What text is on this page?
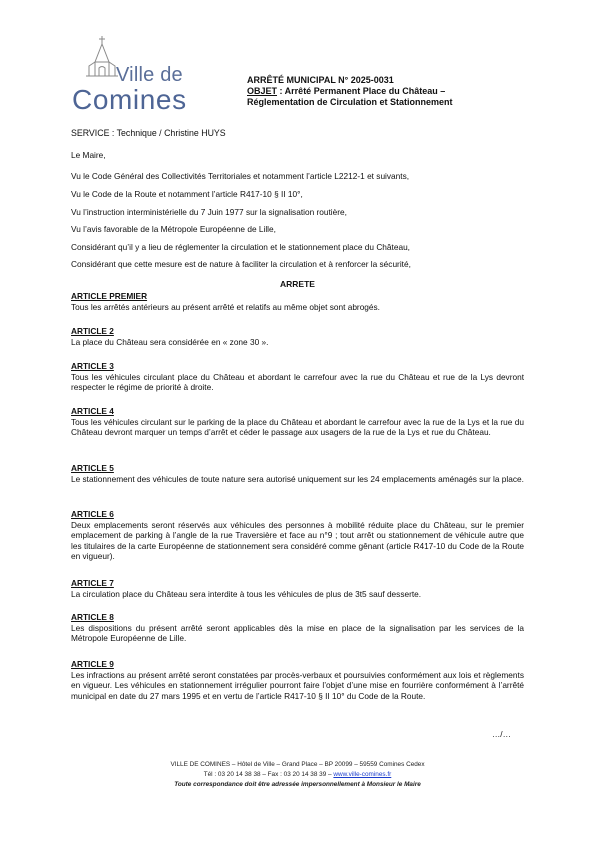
Ville de
Comines
ARRÊTÉ MUNICIPAL N° 2025-0031
OBJET : Arrêté Permanent Place du Château –
Réglementation de Circulation et Stationnement
SERVICE : Technique / Christine HUYS
Le Maire,
Vu le Code Général des Collectivités Territoriales et notamment l’article L2212-1 et suivants,
Vu le Code de la Route et notamment l’article R417-10 § II 10°,
Vu l’instruction interministérielle du 7 Juin 1977 sur la signalisation routière,
Vu l’avis favorable de la Métropole Européenne de Lille,
Considérant qu’il y a lieu de réglementer la circulation et le stationnement place du Château,
Considérant que cette mesure est de nature à faciliter la circulation et à renforcer la sécurité,
ARRETE
ARTICLE PREMIER
Tous les arrêtés antérieurs au présent arrêté et relatifs au même objet sont abrogés.
ARTICLE 2
La place du Château sera considérée en « zone 30 ».
ARTICLE 3
Tous les véhicules circulant place du Château et abordant le carrefour avec la rue du Château et rue de la Lys devront respecter le régime de priorité à droite.
ARTICLE 4
Tous les véhicules circulant sur le parking de la place du Château et abordant le carrefour avec la rue de la Lys et la rue du Château devront marquer un temps d’arrêt et céder le passage aux usagers de la rue de la Lys et rue du Château.
ARTICLE 5
Le stationnement des véhicules de toute nature sera autorisé uniquement sur les 24 emplacements aménagés sur la place.
ARTICLE 6
Deux emplacements seront réservés aux véhicules des personnes à mobilité réduite place du Château, sur le premier emplacement de parking à l’angle de la rue Traversière et face au n°9 ; tout arrêt ou stationnement de véhicule autre que les titulaires de la carte Européenne de stationnement sera considéré comme gênant (article R417-10 du Code de la Route en vigueur).
ARTICLE 7
La circulation place du Château sera interdite à tous les véhicules de plus de 3t5 sauf desserte.
ARTICLE 8
Les dispositions du présent arrêté seront applicables dès la mise en place de la signalisation par les services de la Métropole Européenne de Lille.
ARTICLE 9
Les infractions au présent arrêté seront constatées par procès-verbaux et poursuivies conformément aux lois et règlements en vigueur. Les véhicules en stationnement irrégulier pourront faire l’objet d’une mise en fourrière conformément à l’arrêté municipal en date du 27 mars 1995 et en vertu de l’article R417-10 § II 10° du Code de la Route.
…/…
VILLE DE COMINES – Hôtel de Ville – Grand Place – BP 20099 – 59559 Comines Cedex
Tél : 03 20 14 38 38 – Fax : 03 20 14 38 39 – www.ville-comines.fr
Toute correspondance doit être adressée impersonnellement à Monsieur le Maire
